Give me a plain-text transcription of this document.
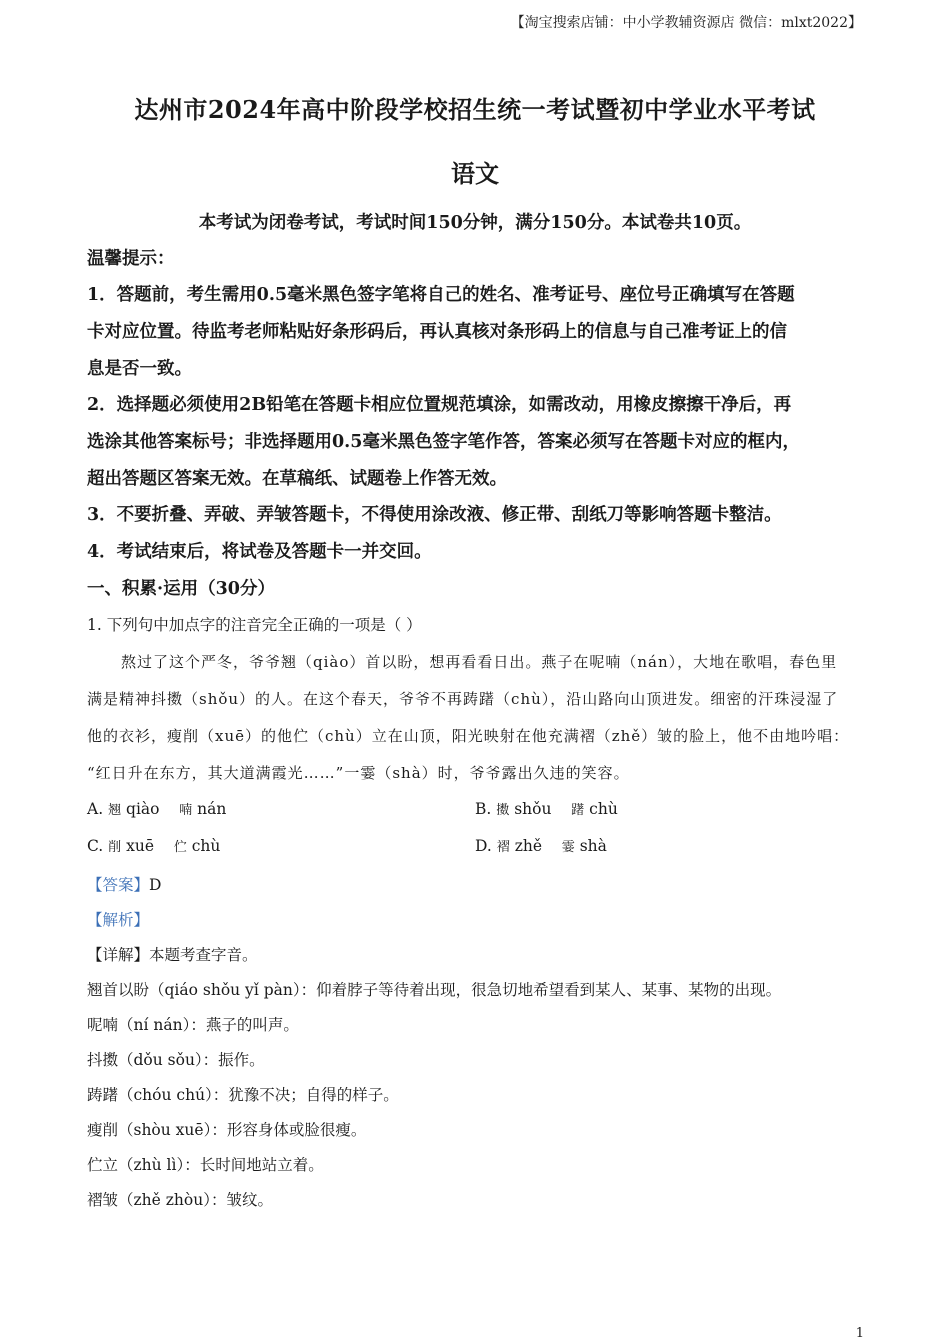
【淘宝搜索店铺：中小学教辅资源店 微信：mlxt2022】
达州市2024年高中阶段学校招生统一考试暨初中学业水平考试
语文
本考试为闭卷考试，考试时间150分钟，满分150分。本试卷共10页。
温馨提示：
1．答题前，考生需用0.5毫米黑色签字笔将自己的姓名、准考证号、座位号正确填写在答题
卡对应位置。待监考老师粘贴好条形码后，再认真核对条形码上的信息与自己准考证上的信
息是否一致。
2．选择题必须使用2B铅笔在答题卡相应位置规范填涂，如需改动，用橡皮擦擦干净后，再
选涂其他答案标号；非选择题用0.5毫米黑色签字笔作答，答案必须写在答题卡对应的框内，
超出答题区答案无效。在草稿纸、试题卷上作答无效。
3．不要折叠、弄破、弄皱答题卡，不得使用涂改液、修正带、刮纸刀等影响答题卡整洁。
4．考试结束后，将试卷及答题卡一并交回。
一、积累·运用（30分）
1. 下列句中加点字的注音完全正确的一项是（ ）
熬过了这个严冬，爷爷翘（qiào）首以盼，想再看看日出。燕子在呢喃（nán），大地在歌唱，春色里
满是精神抖擞（shǒu）的人。在这个春天，爷爷不再踌躇（chù），沿山路向山顶进发。细密的汗珠浸湿了
他的衣衫，瘦削（xuē）的他伫（chù）立在山顶，阳光映射在他充满褶（zhě）皱的脸上，他不由地吟唱：
“红日升在东方，其大道满霞光……”一霎（shà）时，爷爷露出久违的笑容。
A. 翘 qiào 喃 nán	B. 擞 shǒu 躇 chù
C. 削 xuē 伫 chù	D. 褶 zhě 霎 shà
【答案】D
【解析】
【详解】本题考查字音。
翘首以盼（qiáo shǒu yǐ pàn）：仰着脖子等待着出现，很急切地希望看到某人、某事、某物的出现。
呢喃（ní nán）：燕子的叫声。
抖擞（dǒu sǒu）：振作。
踌躇（chóu chú）：犹豫不决；自得的样子。
瘦削（shòu xuē）：形容身体或脸很瘦。
伫立（zhù lì）：长时间地站立着。
褶皱（zhě zhòu）：皱纹。
1
